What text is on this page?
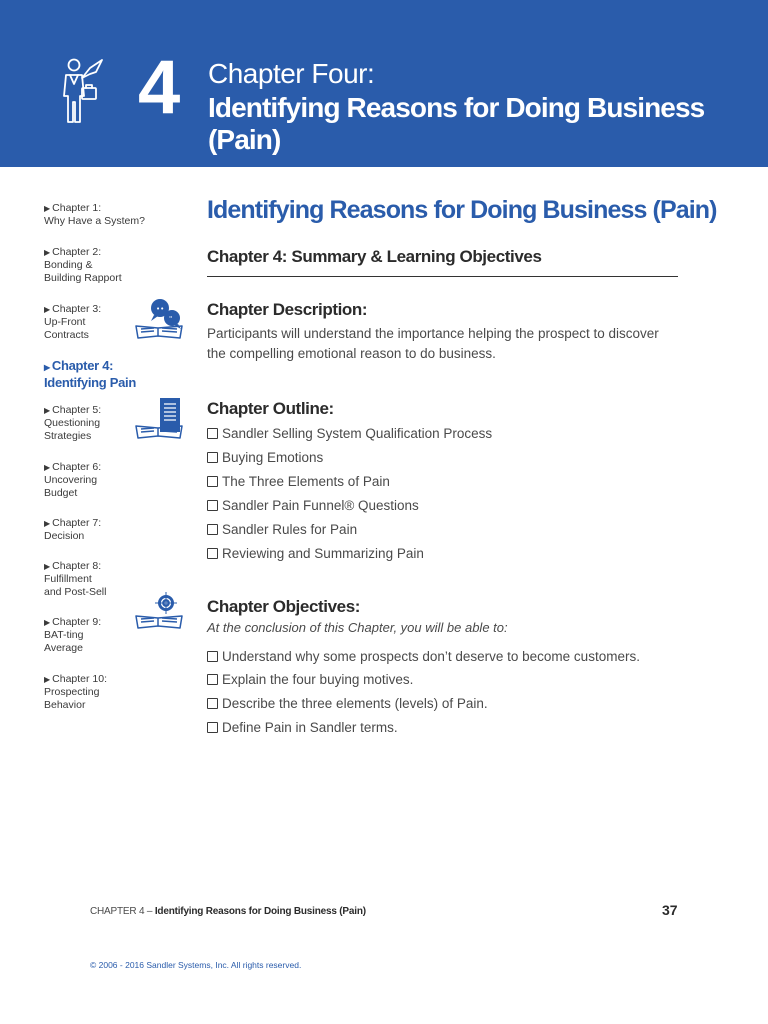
4 Chapter Four:
Identifying Reasons for Doing Business (Pain)
▶ Chapter 1:
Why Have a System?
▶ Chapter 2:
Bonding &
Building Rapport
▶ Chapter 3:
Up-Front
Contracts
▶ Chapter 4:
Identifying Pain
▶ Chapter 5:
Questioning
Strategies
▶ Chapter 6:
Uncovering
Budget
▶ Chapter 7:
Decision
▶ Chapter 8:
Fulfillment
and Post-Sell
▶ Chapter 9:
BAT-ting
Average
▶ Chapter 10:
Prospecting
Behavior
••
"
Identifying Reasons for Doing Business (Pain)
Chapter 4: Summary & Learning Objectives
Chapter Description:
Participants will understand the importance helping the prospect to discover the compelling emotional reason to do business.
Chapter Outline:
Sandler Selling System Qualification Process
Buying Emotions
The Three Elements of Pain
Sandler Pain Funnel® Questions
Sandler Rules for Pain
Reviewing and Summarizing Pain
Chapter Objectives:
At the conclusion of this Chapter, you will be able to:
Understand why some prospects don’t deserve to become customers.
Explain the four buying motives.
Describe the three elements (levels) of Pain.
Define Pain in Sandler terms.
CHAPTER 4 – Identifying Reasons for Doing Business (Pain)	37
© 2006 - 2016 Sandler Systems, Inc. All rights reserved.
